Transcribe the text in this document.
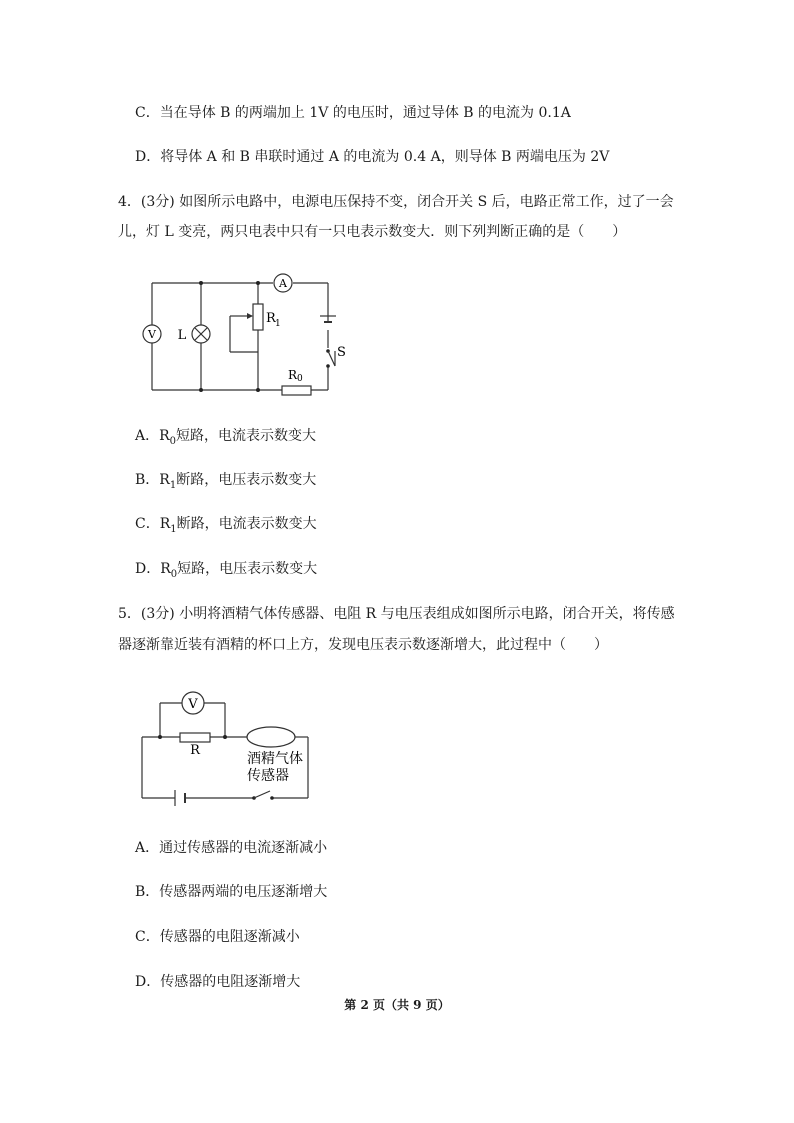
C．当在导体 B 的两端加上 1V 的电压时，通过导体 B 的电流为 0.1A
D．将导体 A 和 B 串联时通过 A 的电流为 0.4 A，则导体 B 两端电压为 2V
4．(3分) 如图所示电路中，电源电压保持不变，闭合开关 S 后，电路正常工作，过了一会
儿，灯 L 变亮，两只电表中只有一只电表示数变大．则下列判断正确的是（　　）
V L
A
R 1
S
R 0
A．$R_0$短路，电流表示数变大
B．$R_1$断路，电压表示数变大
C．$R_1$断路，电流表示数变大
D．$R_0$短路，电压表示数变大
5．(3分) 小明将酒精气体传感器、电阻 R 与电压表组成如图所示电路，闭合开关，将传感
器逐渐靠近装有酒精的杯口上方，发现电压表示数逐渐增大，此过程中（　　）
V
R
酒精气体
传感器
A．通过传感器的电流逐渐减小
B．传感器两端的电压逐渐增大
C．传感器的电阻逐渐减小
D．传感器的电阻逐渐增大
第 2 页（共 9 页）
